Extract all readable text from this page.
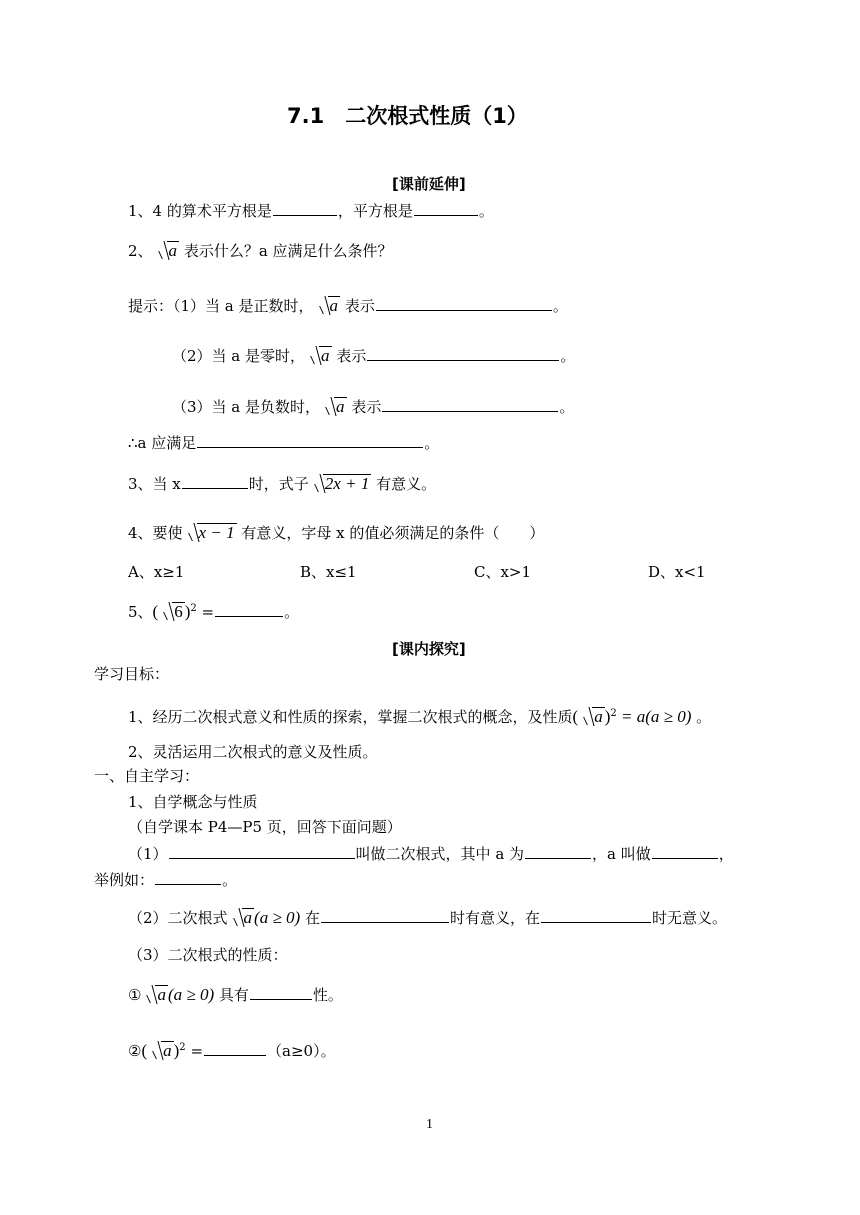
7.1　二次根式性质（1）
[课前延伸]
1、4 的算术平方根是	，平方根是	。
2、 a 表示什么？a 应满足什么条件？
提示：（1）当 a 是正数时， a 表示	。
（2）当 a 是零时， a 表示	。
（3）当 a 是负数时， a 表示	。
∴a 应满足	。
3、当 x	时，式子 2x + 1 有意义。
4、要使 x − 1 有意义，字母 x 的值必须满足的条件（　　）
A、x≥1	B、x≤1	C、x>1	D、x<1
5、( 6 )$^2$ =	。
[课内探究]
学习目标：
1、经历二次根式意义和性质的探索，掌握二次根式的概念，及性质( a )$^2$ = a(a ≥ 0) 。
2、灵活运用二次根式的意义及性质。
一、自主学习：
1、自学概念与性质
（自学课本 P4—P5 页，回答下面问题）
（1）	叫做二次根式，其中 a 为	，a 叫做	，
举例如：	。
（2）二次根式 a (a ≥ 0) 在	时有意义，在	时无意义。
（3）二次根式的性质：
① a (a ≥ 0) 具有	性。
②( a )$^2$ =	（a≥0）。
1
